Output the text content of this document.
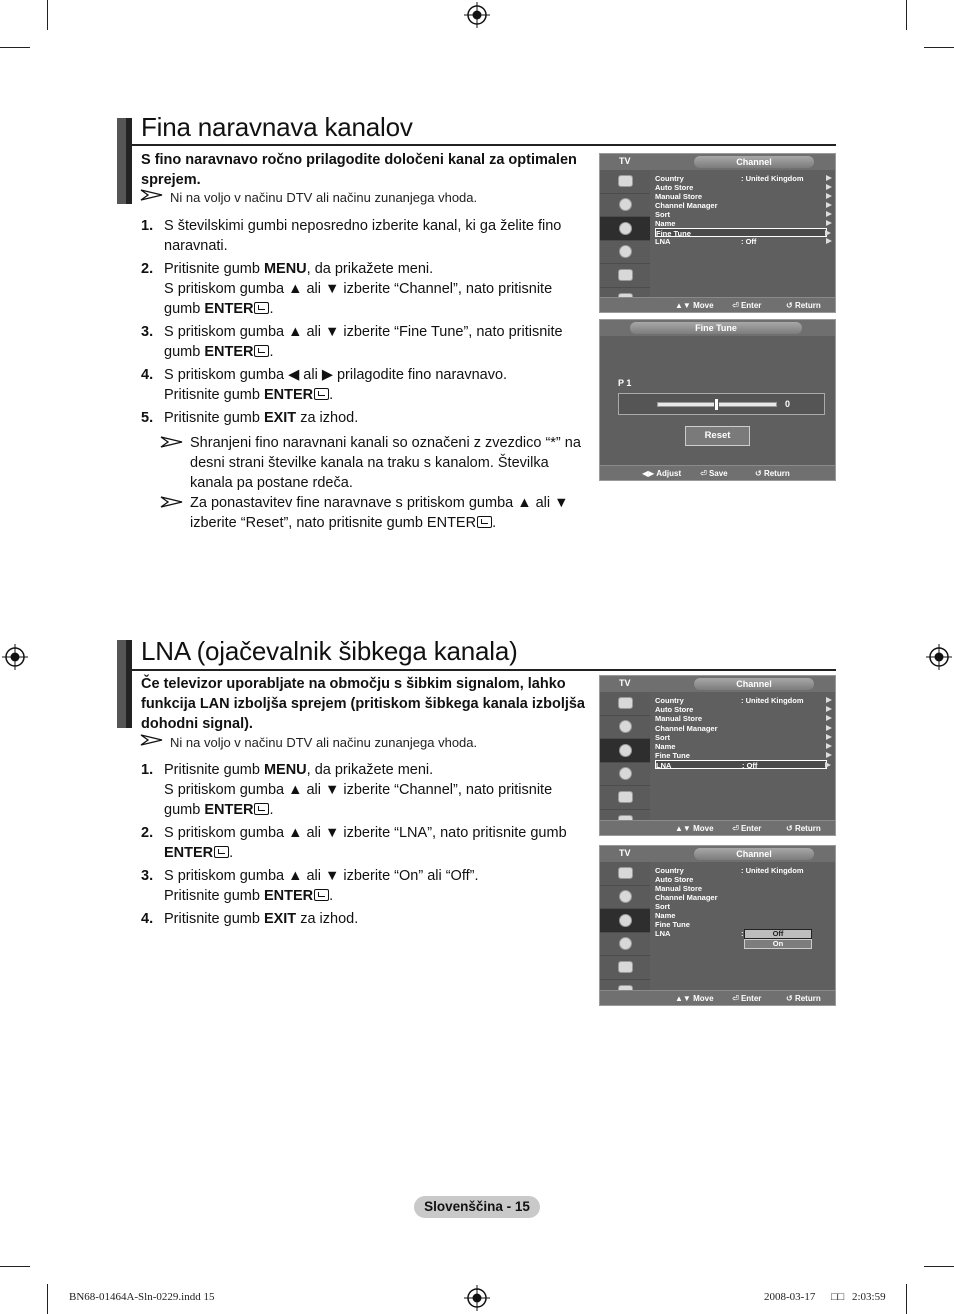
Fina naravnava kanalov
S fino naravnavo ročno prilagodite določeni kanal za optimalen sprejem.
Ni na voljo v načinu DTV ali načinu zunanjega vhoda.
1. S številskimi gumbi neposredno izberite kanal, ki ga želite fino naravnati.
2. Pritisnite gumb MENU, da prikažete meni.
S pritiskom gumba ▲ ali ▼ izberite “Channel”, nato pritisnite gumb ENTER .
3. S pritiskom gumba ▲ ali ▼ izberite “Fine Tune”, nato pritisnite gumb ENTER .
4. S pritiskom gumba ◀ ali ▶ prilagodite fino naravnavo.
Pritisnite gumb ENTER .
5. Pritisnite gumb EXIT za izhod.
Shranjeni fino naravnani kanali so označeni z zvezdico “*” na desni strani številke kanala na traku s kanalom. Številka kanala pa postane rdeča.
Za ponastavitev fine naravnave s pritiskom gumba ▲ ali ▼ izberite “Reset”, nato pritisnite gumb ENTER .
TV	Channel
Country	: United Kingdom
Auto Store
Manual Store
Channel Manager
Sort
Name
Fine Tune
LNA	: Off
▲▼ Move ⏎ Enter	↺ Return
Fine Tune
P 1
0
Reset
◀▶ Adjust ⏎ Save	↺ Return
LNA (ojačevalnik šibkega kanala)
Če televizor uporabljate na območju s šibkim signalom, lahko funkcija LAN izboljša sprejem (pritiskom šibkega kanala izboljša dohodni signal).
Ni na voljo v načinu DTV ali načinu zunanjega vhoda.
1. Pritisnite gumb MENU, da prikažete meni.
S pritiskom gumba ▲ ali ▼ izberite “Channel”, nato pritisnite gumb ENTER .
2. S pritiskom gumba ▲ ali ▼ izberite “LNA”, nato pritisnite gumb ENTER .
3. S pritiskom gumba ▲ ali ▼ izberite “On” ali “Off”.
Pritisnite gumb ENTER .
4. Pritisnite gumb EXIT za izhod.
TV	Channel
Country	: United Kingdom
Auto Store
Manual Store
Channel Manager
Sort
Name
Fine Tune
LNA	: Off
▲▼ Move ⏎ Enter	↺ Return
TV	Channel
Country	: United Kingdom
Auto Store
Manual Store
Channel Manager
Sort
Name
Fine Tune
LNA	:	Off
On
▲▼ Move ⏎ Enter	↺ Return
Slovenščina - 15
BN68-01464A-Sln-0229.indd 15	2008-03-17 □□ 2:03:59
